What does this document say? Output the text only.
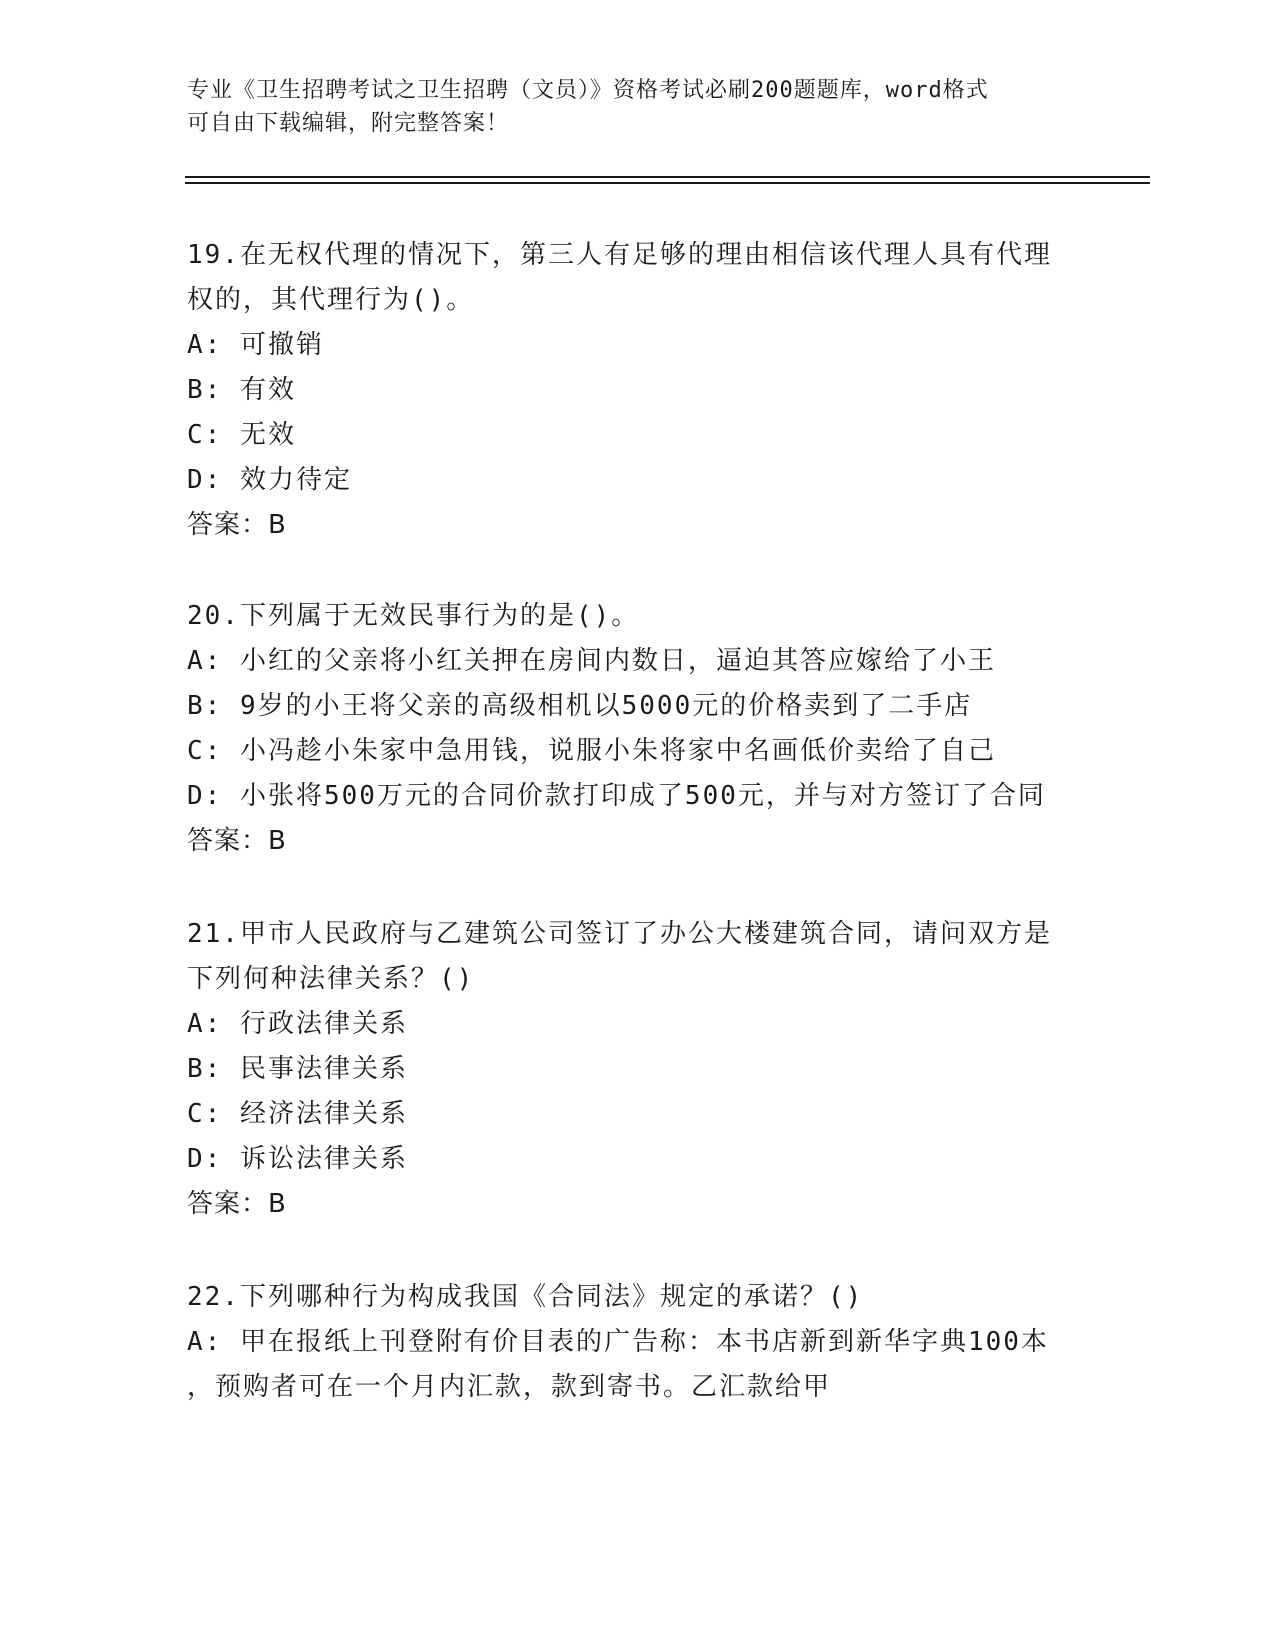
专业《卫生招聘考试之卫生招聘（文员）》资格考试必刷200题题库，word格式
可自由下载编辑，附完整答案！
19.在无权代理的情况下，第三人有足够的理由相信该代理人具有代理
权的，其代理行为()。
A: 可撤销
B: 有效
C: 无效
D: 效力待定
答案：B
20.下列属于无效民事行为的是()。
A: 小红的父亲将小红关押在房间内数日，逼迫其答应嫁给了小王
B: 9岁的小王将父亲的高级相机以5000元的价格卖到了二手店
C: 小冯趁小朱家中急用钱，说服小朱将家中名画低价卖给了自己
D: 小张将500万元的合同价款打印成了500元，并与对方签订了合同
答案：B
21.甲市人民政府与乙建筑公司签订了办公大楼建筑合同，请问双方是
下列何种法律关系？()
A: 行政法律关系
B: 民事法律关系
C: 经济法律关系
D: 诉讼法律关系
答案：B
22.下列哪种行为构成我国《合同法》规定的承诺？()
A: 甲在报纸上刊登附有价目表的广告称：本书店新到新华字典100本
，预购者可在一个月内汇款，款到寄书。乙汇款给甲
